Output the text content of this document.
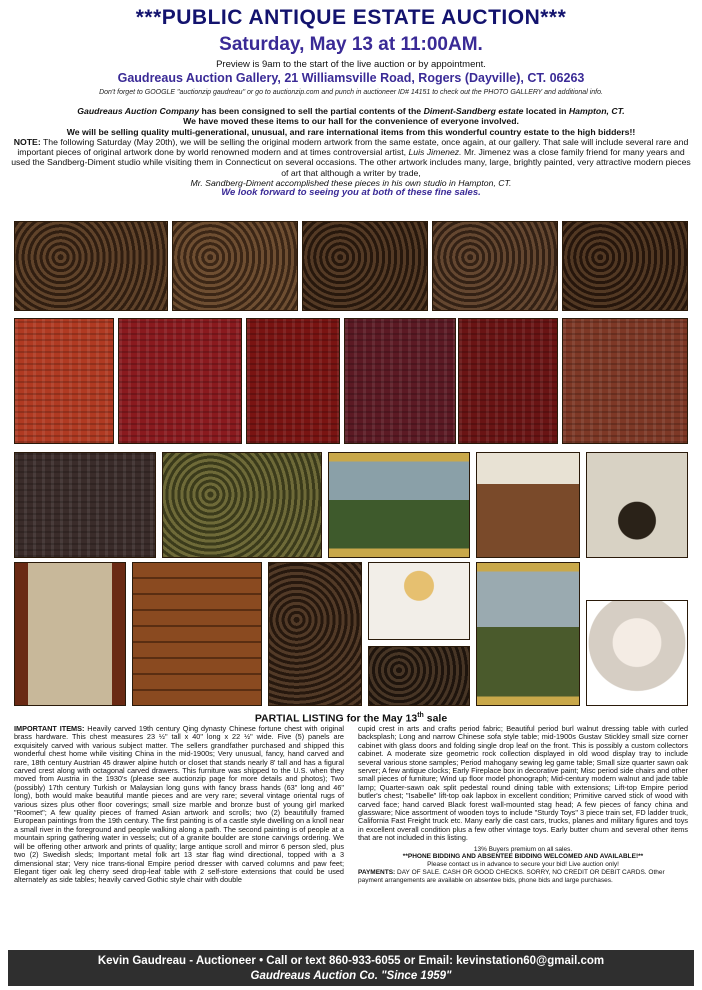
***PUBLIC ANTIQUE ESTATE AUCTION***
Saturday, May 13 at 11:00AM.
Preview is 9am to the start of the live auction or by appointment.
Gaudreaus Auction Gallery, 21 Williamsville Road, Rogers (Dayville), CT. 06263
Don't forget to GOOGLE "auctionzip gaudreau" or go to auctionzip.com and punch in auctioneer ID# 14151 to check out the PHOTO GALLERY and additional info.
Gaudreaus Auction Company has been consigned to sell the partial contents of the Diment-Sandberg estate located in Hampton, CT.
We have moved these items to our hall for the convenience of everyone involved.
We will be selling quality multi-generational, unusual, and rare international items from this wonderful country estate to the high bidders!!
NOTE: The following Saturday (May 20th), we will be selling the original modern artwork from the same estate, once again, at our gallery. That sale will include several rare and important pieces of original artwork done by world renowned modern and at times controversial artist, Luis Jimenez. Mr. Jimenez was a close family friend for many years and used the Sandberg-Diment studio while visiting them in Connecticut on several occasions. The other artwork includes many, large, brightly painted, very attractive modern pieces of art that although a writer by trade,
Mr. Sandberg-Diment accomplished these pieces in his own studio in Hampton, CT.
We look forward to seeing you at both of these fine sales.
PARTIAL LISTING for the May 13th sale

IMPORTANT ITEMS: Heavily carved 19th century Qing dynasty Chinese fortune chest with original brass hardware. This chest measures 23 ½" tall x 40" long x 22 ½" wide. Five (5) panels are exquisitely carved with various subject matter. The sellers grandfather purchased and shipped this wonderful chest home while visiting China in the mid-1900s; Very unusual, fancy, hand carved and rare, 18th century Austrian 45 drawer alpine hutch or closet that stands nearly 8' tall and has a figural carved crest along with octagonal carved drawers. This furniture was shipped to the U.S. when they moved from Austria in the 1930's (please see auctionzip page for more details and photos); Two (possibly) 17th century Turkish or Malaysian long guns with fancy brass hands (63" long and 46" long), both would make beautiful mantle pieces and are very rare; several vintage oriental rugs of various sizes plus other floor coverings; small size marble and bronze bust of young girl marked "Roomet"; A few quality pieces of framed Asian artwork and scrolls; two (2) beautifully framed European paintings from the 19th century. The first painting is of a castle style dwelling on a knoll near a small river in the foreground and people walking along a path. The second painting is of people at a mountain spring gathering water in vessels; cut of a granite boulder are stone carvings ordering. We will be offering other artwork and prints of quality; large antique scroll and mirror 6 person sled, plus two (2) Swedish sleds; Important metal folk art 13 star flag wind directional, topped with a 3 dimensional star; Very nice trans-tional Empire period dresser with carved columns and paw feet; Elegant tiger oak leg cherry seed drop-leaf table with 2 self-store extensions that could be used alternately as side tables; heavily carved Gothic style chair with double

cupid crest in arts and crafts period fabric; Beautiful period burl walnut dressing table with curled backsplash; Long and narrow Chinese sofa style table; mid-1900s Gustav Stickley small size corner cabinet with glass doors and folding single drop leaf on the front. This is possibly a custom collectors cabinet. A moderate size geometric rock collection displayed in old wood display tray to include several various stone samples; Period mahogany sewing leg game table; Small size quarter sawn oak server; A few antique clocks; Early Fireplace box in decorative paint; Misc period side chairs and other small pieces of furniture; Wind up floor model phonograph; Mid-century modern walnut and jade table lamp; Quarter-sawn oak split pedestal round dining table with extensions; Lift-top Empire period butler's chest; "Isabelle" lift-top oak lapbox in excellent condition; Primitive carved stick of wood with carved face; hand carved Black forest wall-mounted stag head; A few pieces of fancy china and glassware; Nice assortment of wooden toys to include "Sturdy Toys" 3 piece train set, FD ladder truck, California Fast Freight truck etc. Many early die cast cars, trucks, planes and military figures and toys in excellent overall condition plus a few other vintage toys. Early butter churn and several other items that are not included in this listing.

13% Buyers premium on all sales.
**PHONE BIDDING AND ABSENTEE BIDDING WELCOMED AND AVAILABLE!**
Please contact us in advance to secure your bid! Live auction only!
PAYMENTS: DAY OF SALE. CASH OR GOOD CHECKS. SORRY, NO CREDIT OR DEBIT CARDS. Other payment arrangements are available on absentee bids, phone bids and large purchases.
Kevin Gaudreau - Auctioneer • Call or text 860-933-6055 or Email: kevinstation60@gmail.com
Gaudreaus Auction Co. "Since 1959"
